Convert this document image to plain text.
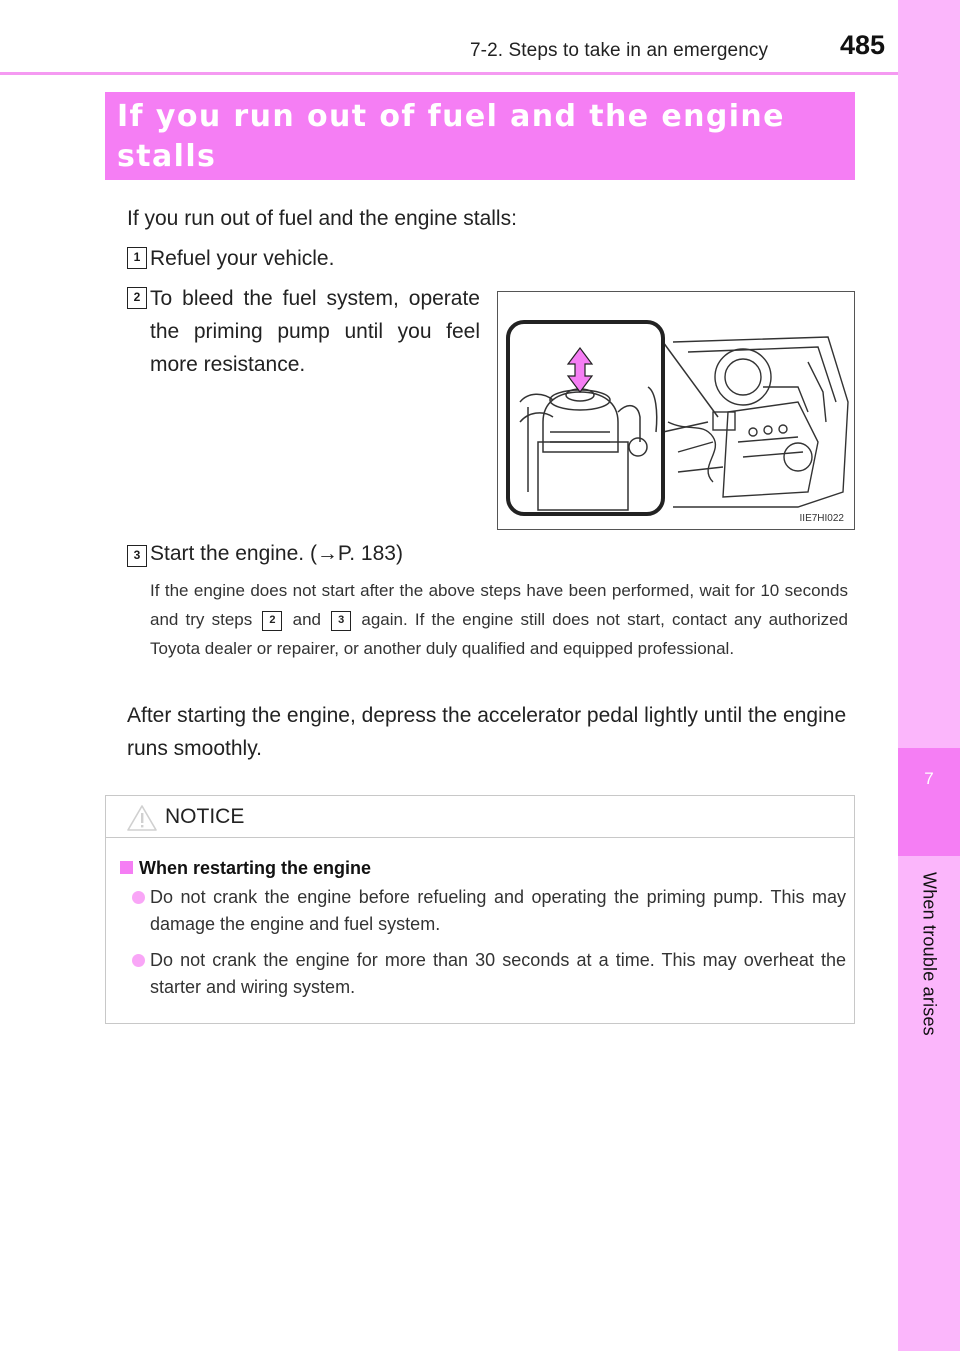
7-2. Steps to take in an emergency	485
7
When trouble arises
If you run out of fuel and the engine stalls
(diesel engine only)
If you run out of fuel and the engine stalls:
1 Refuel your vehicle.
2 To bleed the fuel system, operate the priming pump until you feel more resistance.
IIE7HI022
3 Start the engine. (→P. 183)
If the engine does not start after the above steps have been performed, wait for 10 seconds and try steps 2 and 3 again. If the engine still does not start, contact any authorized Toyota dealer or repairer, or another duly qualified and equipped professional.
After starting the engine, depress the accelerator pedal lightly until the engine runs smoothly.
NOTICE
When restarting the engine
Do not crank the engine before refueling and operating the priming pump. This may damage the engine and fuel system.
Do not crank the engine for more than 30 seconds at a time. This may overheat the starter and wiring system.
